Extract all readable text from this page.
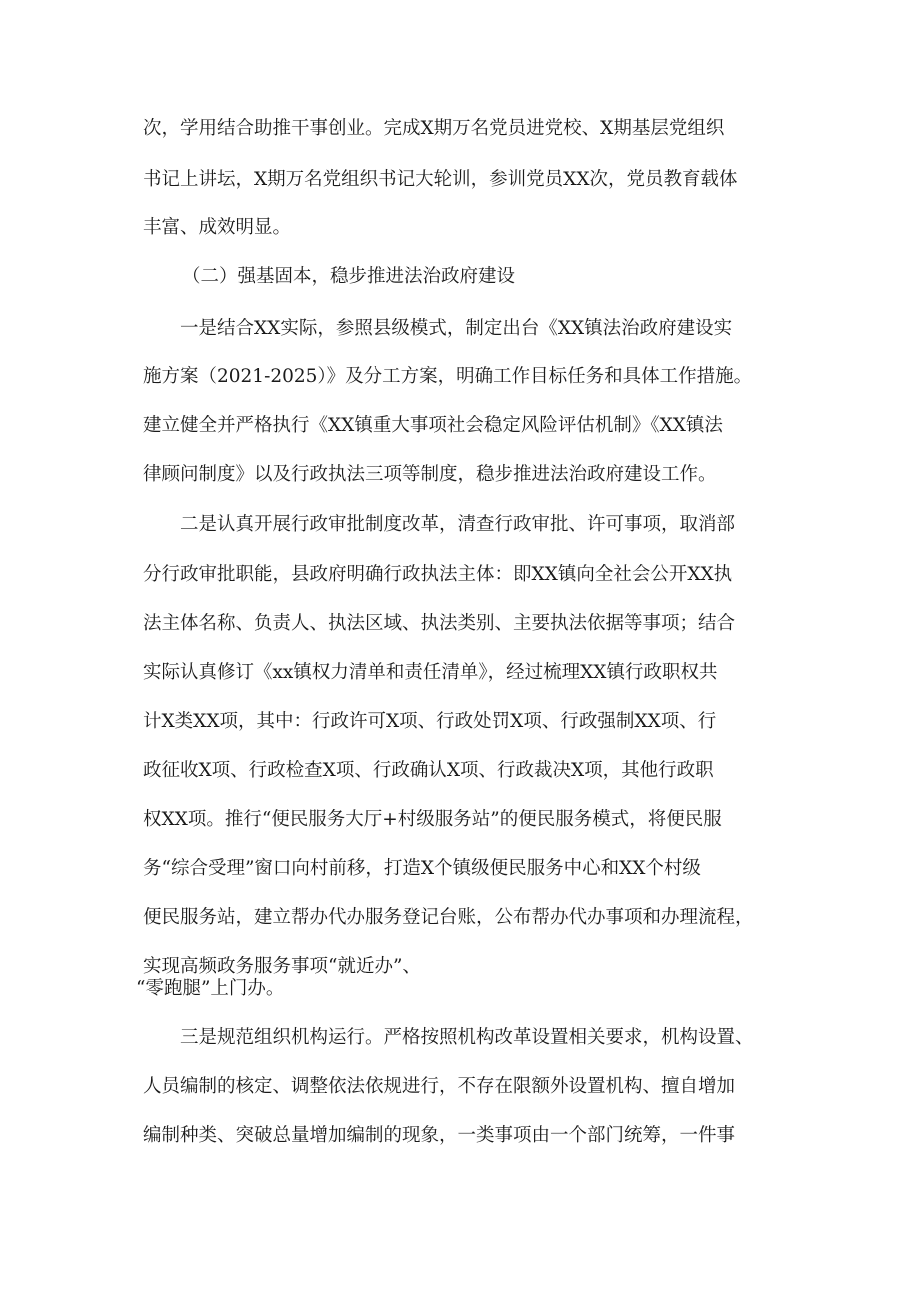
次，学用结合助推干事创业。完成X期万名党员进党校、X期基层党组织
书记上讲坛，X期万名党组织书记大轮训，参训党员XX次，党员教育载体
丰富、成效明显。
（二）强基固本，稳步推进法治政府建设
一是结合XX实际，参照县级模式，制定出台《XX镇法治政府建设实
施方案（2021-2025）》及分工方案，明确工作目标任务和具体工作措施。
建立健全并严格执行《XX镇重大事项社会稳定风险评估机制》《XX镇法
律顾问制度》以及行政执法三项等制度，稳步推进法治政府建设工作。
二是认真开展行政审批制度改革，清查行政审批、许可事项，取消部
分行政审批职能，县政府明确行政执法主体：即XX镇向全社会公开XX执
法主体名称、负责人、执法区域、执法类别、主要执法依据等事项；结合
实际认真修订《xx镇权力清单和责任清单》，经过梳理XX镇行政职权共
计X类XX项，其中：行政许可X项、行政处罚X项、行政强制XX项、行
政征收X项、行政检查X项、行政确认X项、行政裁决X项，其他行政职
权XX项。推行“便民服务大厅+村级服务站”的便民服务模式，将便民服
务“综合受理”窗口向村前移，打造X个镇级便民服务中心和XX个村级
便民服务站，建立帮办代办服务登记台账，公布帮办代办事项和办理流程，
实现高频政务服务事项“就近办”、
“零跑腿”上门办。
三是规范组织机构运行。严格按照机构改革设置相关要求，机构设置、
人员编制的核定、调整依法依规进行，不存在限额外设置机构、擅自增加
编制种类、突破总量增加编制的现象，一类事项由一个部门统筹，一件事
